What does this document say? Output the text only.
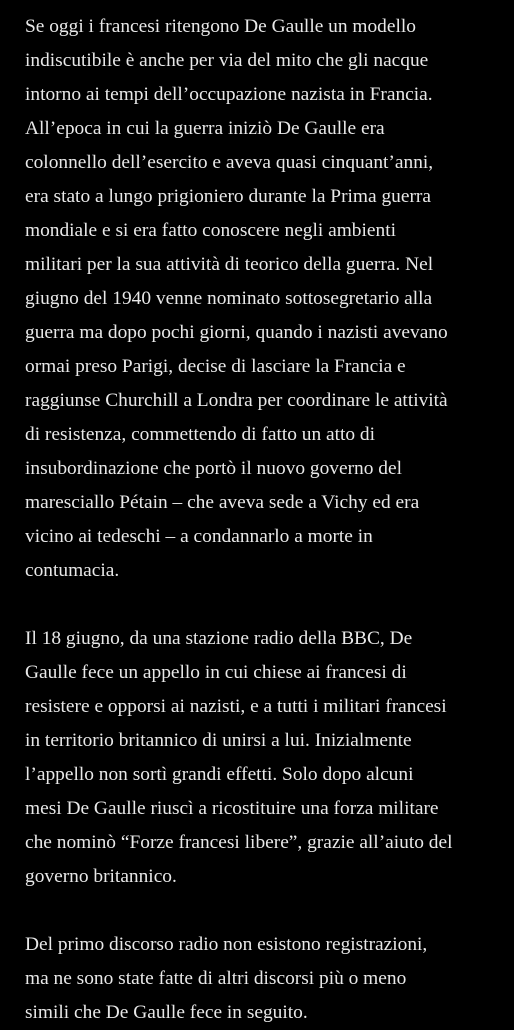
Se oggi i francesi ritengono De Gaulle un modello
indiscutibile è anche per via del mito che gli nacque
intorno ai tempi dell’occupazione nazista in Francia.
All’epoca in cui la guerra iniziò De Gaulle era
colonnello dell’esercito e aveva quasi cinquant’anni,
era stato a lungo prigioniero durante la Prima guerra
mondiale e si era fatto conoscere negli ambienti
militari per la sua attività di teorico della guerra. Nel
giugno del 1940 venne nominato sottosegretario alla
guerra ma dopo pochi giorni, quando i nazisti avevano
ormai preso Parigi, decise di lasciare la Francia e
raggiunse Churchill a Londra per coordinare le attività
di resistenza, commettendo di fatto un atto di
insubordinazione che portò il nuovo governo del
maresciallo Pétain – che aveva sede a Vichy ed era
vicino ai tedeschi – a condannarlo a morte in
contumacia.

Il 18 giugno, da una stazione radio della BBC, De
Gaulle fece un appello in cui chiese ai francesi di
resistere e opporsi ai nazisti, e a tutti i militari francesi
in territorio britannico di unirsi a lui. Inizialmente
l’appello non sortì grandi effetti. Solo dopo alcuni
mesi De Gaulle riuscì a ricostituire una forza militare
che nominò “Forze francesi libere”, grazie all’aiuto del
governo britannico.

Del primo discorso radio non esistono registrazioni,
ma ne sono state fatte di altri discorsi più o meno
simili che De Gaulle fece in seguito.
